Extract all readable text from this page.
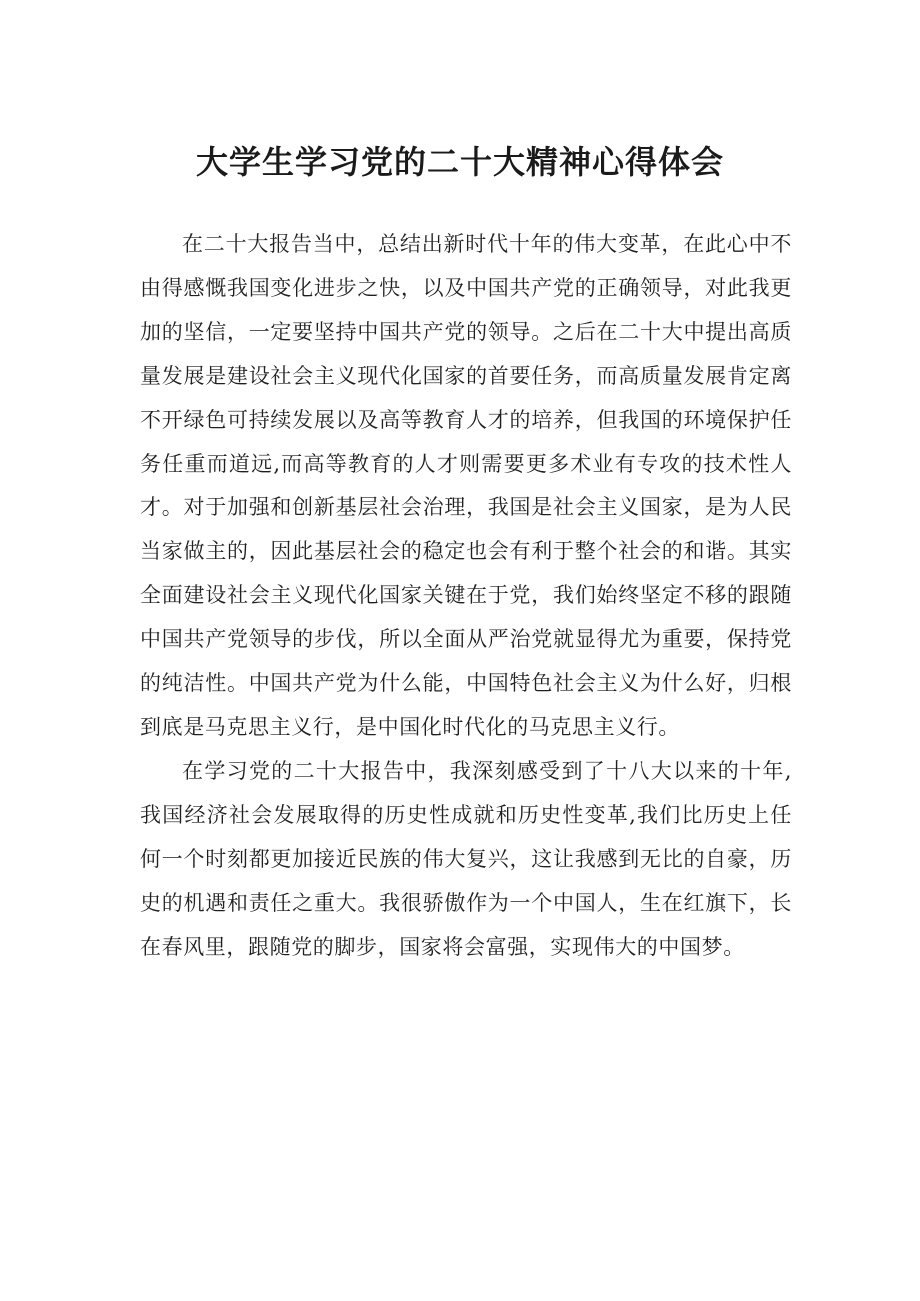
大学生学习党的二十大精神心得体会

在二十大报告当中，总结出新时代十年的伟大变革，在此心中不由得感慨我国变化进步之快，以及中国共产党的正确领导，对此我更加的坚信，一定要坚持中国共产党的领导。之后在二十大中提出高质量发展是建设社会主义现代化国家的首要任务，而高质量发展肯定离不开绿色可持续发展以及高等教育人才的培养，但我国的环境保护任务任重而道远,而高等教育的人才则需要更多术业有专攻的技术性人才。对于加强和创新基层社会治理，我国是社会主义国家，是为人民当家做主的，因此基层社会的稳定也会有利于整个社会的和谐。其实全面建设社会主义现代化国家关键在于党，我们始终坚定不移的跟随中国共产党领导的步伐，所以全面从严治党就显得尤为重要，保持党的纯洁性。中国共产党为什么能，中国特色社会主义为什么好，归根到底是马克思主义行，是中国化时代化的马克思主义行。

在学习党的二十大报告中，我深刻感受到了十八大以来的十年,我国经济社会发展取得的历史性成就和历史性变革,我们比历史上任何一个时刻都更加接近民族的伟大复兴，这让我感到无比的自豪，历史的机遇和责任之重大。我很骄傲作为一个中国人，生在红旗下，长在春风里，跟随党的脚步，国家将会富强，实现伟大的中国梦。
